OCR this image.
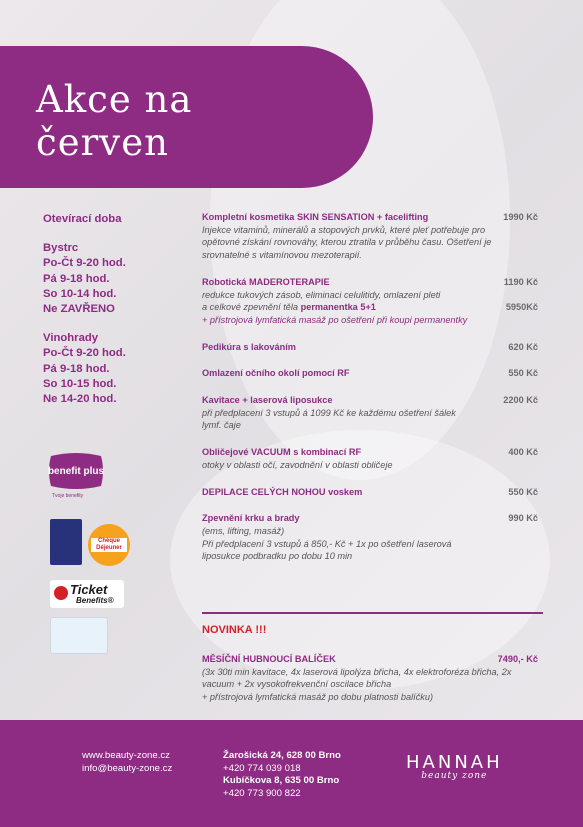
Akce na
červen
Otevírací doba
Bystrc
Po-Čt 9-20 hod.
Pá 9-18 hod.
So 10-14 hod.
Ne ZAVŘENO
Vinohrady
Po-Čt 9-20 hod.
Pá 9-18 hod.
So 10-15 hod.
Ne 14-20 hod.
benefit plus
Tvoje benefity
Chèque Déjeuner
Ticket
Benefits®
Kompletní kosmetika SKIN SENSATION + facelifting	1990 Kč
Injekce vitaminů, minerálů a stopových prvků, které pleť potřebuje pro opětovné získání rovnováhy, kterou ztratila v průběhu času. Ošetření je srovnatelné s vitamínovou mezoterapií.
Robotická MADEROTERAPIE	1190 Kč
redukce tukových zásob, eliminaci celulitidy, omlazení pleti
a celkové zpevnění těla permanentka 5+1	5950Kč
+ přístrojová lymfatická masáž po ošetření při koupi permanentky
Pedikúra s lakováním	620 Kč
Omlazení očního okolí pomocí RF	550 Kč
Kavitace + laserová liposukce	2200 Kč
při předplacení 3 vstupů á 1099 Kč ke každému ošetření šálek lymf. čaje
Obličejové VACUUM s kombinací RF	400 Kč
otoky v oblasti očí, zavodnění v oblasti obličeje
DEPILACE CELÝCH NOHOU voskem	550 Kč
Zpevnění krku a brady	990 Kč
(ems, lifting, masáž)
Při předplacení 3 vstupů á 850,- Kč + 1x po ošetření laserová liposukce podbradku po dobu 10 min
NOVINKA !!!
MĚSÍČNÍ HUBNOUCÍ BALÍČEK	7490,- Kč
(3x 30ti min kavitace, 4x laserová lipolýza břicha, 4x elektroforéza břicha, 2x vacuum + 2x vysokofrekvenční oscilace břicha
+ přístrojová lymfatická masáž po dobu platnosti balíčku)
www.beauty-zone.cz
info@beauty-zone.cz
Žarošická 24, 628 00 Brno
+420 774 039 018
Kubíčkova 8, 635 00 Brno
+420 773 900 822
HANNAH
beauty zone
